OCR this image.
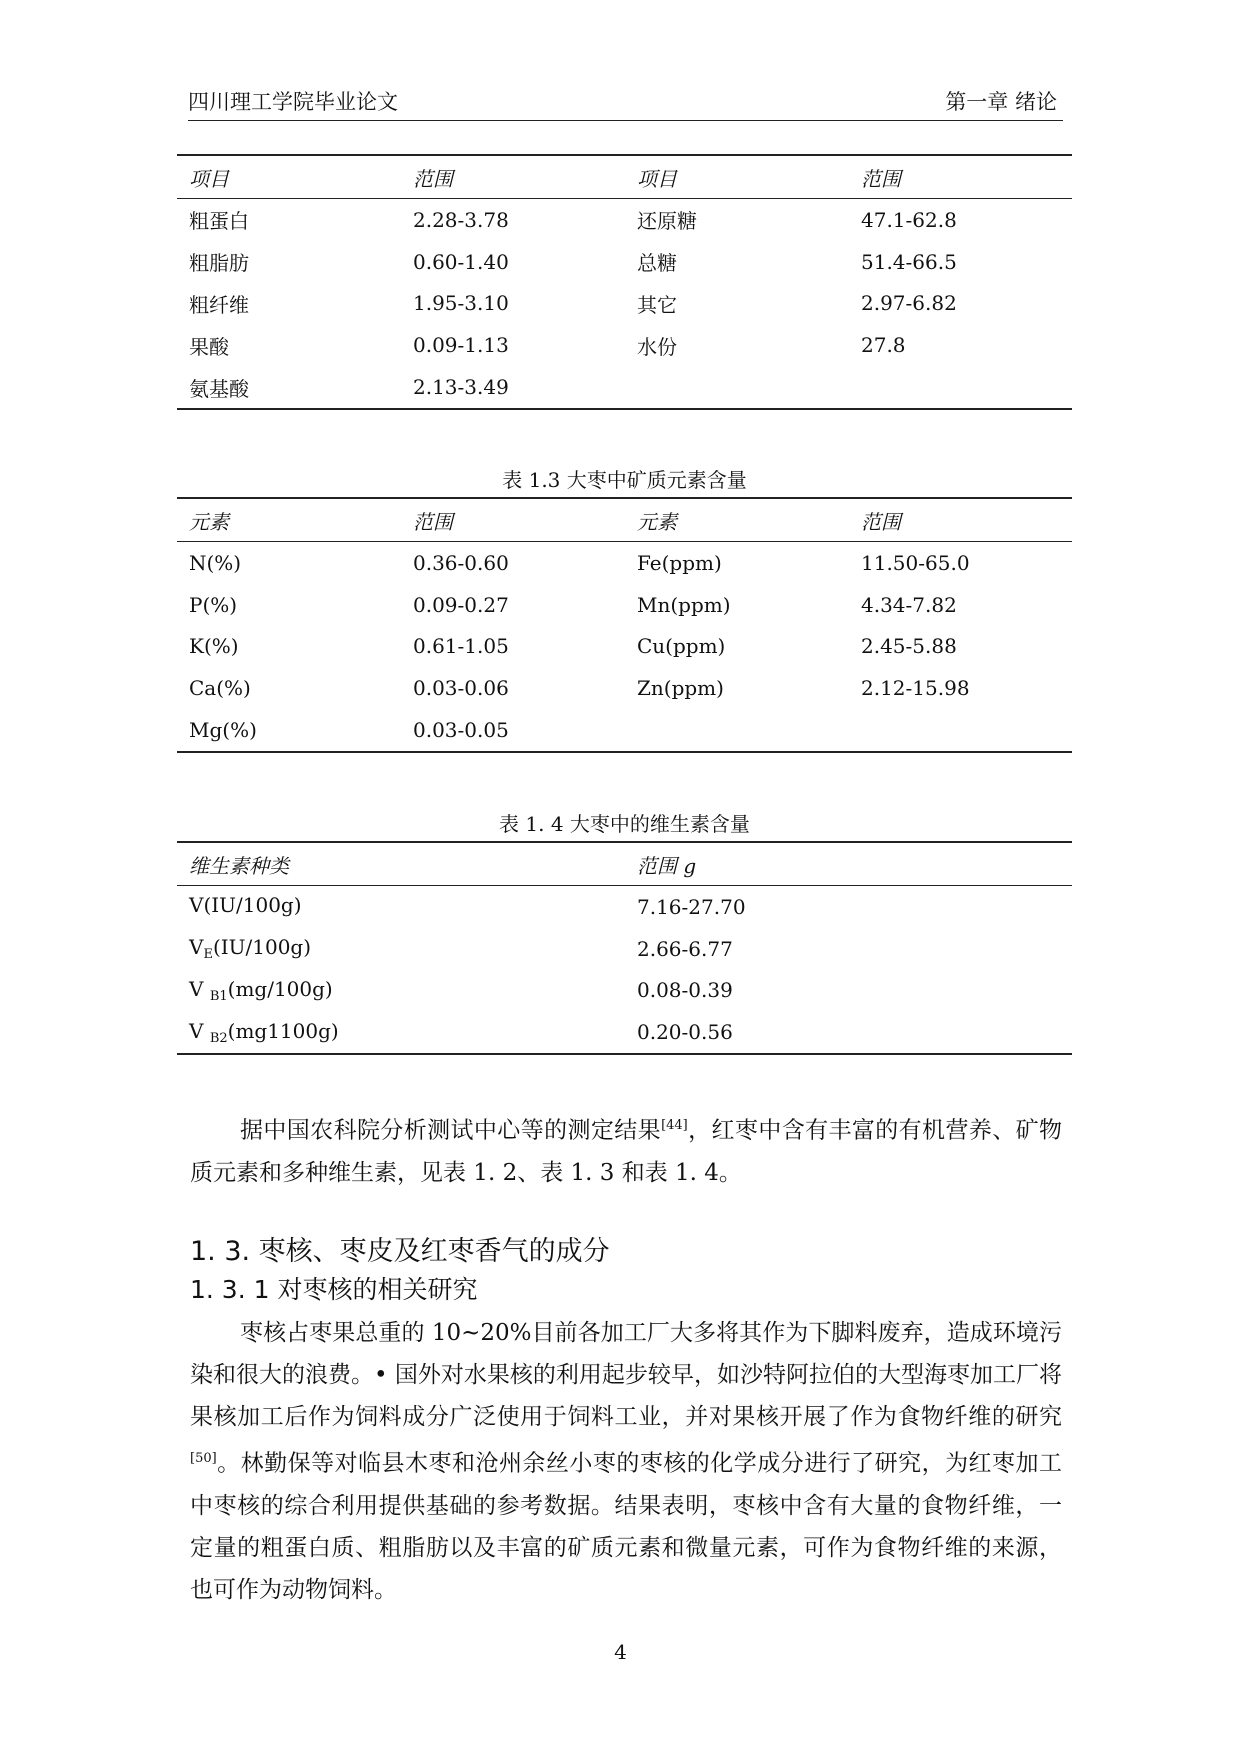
四川理工学院毕业论文	第一章 绪论
项目	范围	项目	范围
粗蛋白	2.28-3.78	还原糖	47.1-62.8
粗脂肪	0.60-1.40	总糖	51.4-66.5
粗纤维	1.95-3.10	其它	2.97-6.82
果酸	0.09-1.13	水份	27.8
氨基酸	2.13-3.49		
表 1.3 大枣中矿质元素含量
元素	范围	元素	范围
N(%)	0.36-0.60	Fe(ppm)	11.50-65.0
P(%)	0.09-0.27	Mn(ppm)	4.34-7.82
K(%)	0.61-1.05	Cu(ppm)	2.45-5.88
Ca(%)	0.03-0.06	Zn(ppm)	2.12-15.98
Mg(%)	0.03-0.05		
表 1. 4 大枣中的维生素含量
维生素种类	范围 g
V(IU/100g)	7.16-27.70
$V_E(IU/100g)$	2.66-6.77
V $_{B1}$(mg/100g)	0.08-0.39
V $_{B2}$(mg1100g)	0.20-0.56

据中国农科院分析测试中心等的测定结果[44]，红枣中含有丰富的有机营养、矿物质元素和多种维生素，见表 1. 2、表 1. 3 和表 1. 4。

1. 3. 枣核、枣皮及红枣香气的成分
1. 3. 1 对枣核的相关研究

枣核占枣果总重的 10~20%目前各加工厂大多将其作为下脚料废弃，造成环境污染和很大的浪费。• 国外对水果核的利用起步较早，如沙特阿拉伯的大型海枣加工厂将果核加工后作为饲料成分广泛使用于饲料工业，并对果核开展了作为食物纤维的研究[50]。林勤保等对临县木枣和沧州余丝小枣的枣核的化学成分进行了研究，为红枣加工中枣核的综合利用提供基础的参考数据。结果表明，枣核中含有大量的食物纤维，一定量的粗蛋白质、粗脂肪以及丰富的矿质元素和微量元素，可作为食物纤维的来源，也可作为动物饲料。

4
